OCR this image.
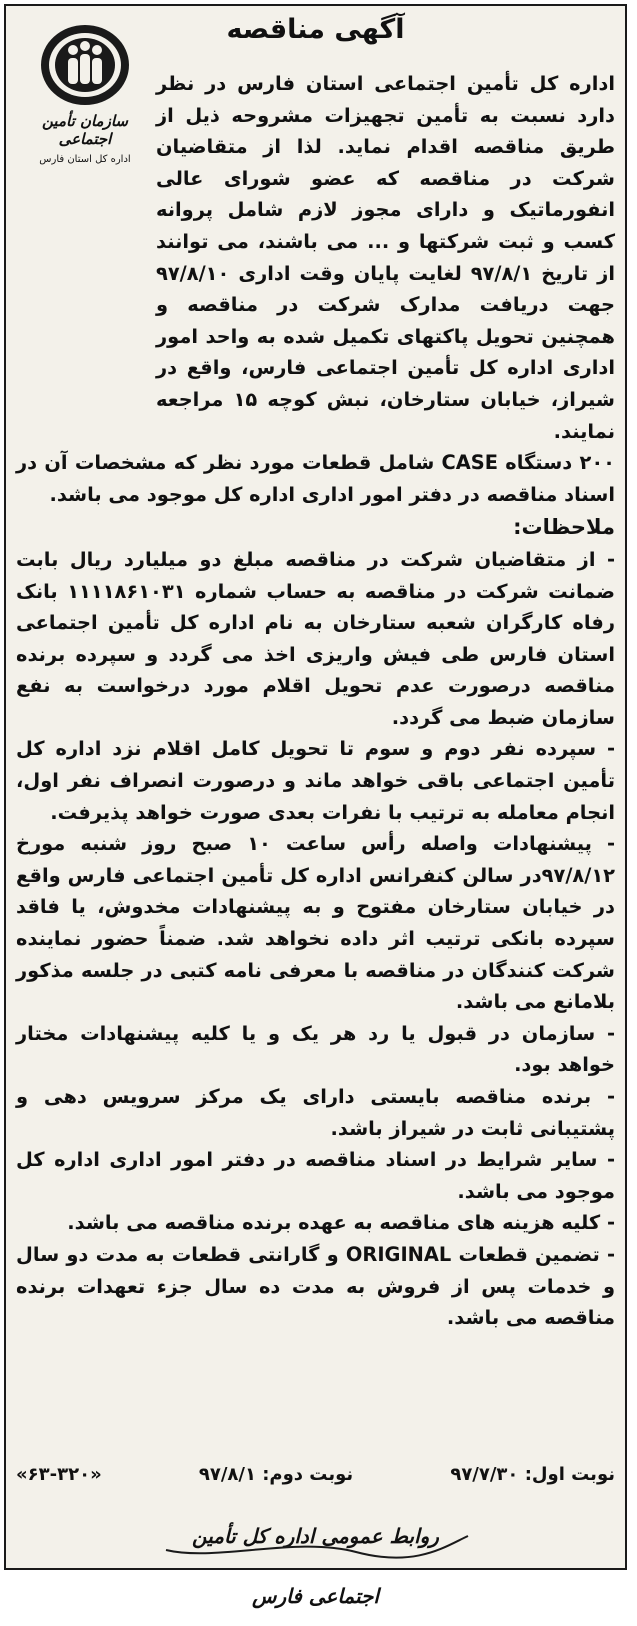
سازمان تأمین اجتماعی
اداره کل استان فارس
آگهی مناقصه

اداره کل تأمین اجتماعی استان فارس در نظر دارد نسبت به تأمین تجهیزات مشروحه ذیل از طریق مناقصه اقدام نماید. لذا از متقاضیان شرکت در مناقصه که عضو شورای عالی انفورماتیک و دارای مجوز لازم شامل پروانه کسب و ثبت شرکتها و ... می باشند، می توانند از تاریخ ۹۷/۸/۱ لغایت پایان وقت اداری ۹۷/۸/۱۰ جهت دریافت مدارک شرکت در مناقصه و همچنین تحویل پاکتهای تکمیل شده به واحد امور اداری اداره کل تأمین اجتماعی فارس، واقع در شیراز، خیابان ستارخان، نبش کوچه ۱۵ مراجعه نمایند.

۲۰۰ دستگاه CASE شامل قطعات مورد نظر که مشخصات آن در اسناد مناقصه در دفتر امور اداری اداره کل موجود می باشد.

ملاحظات:

- از متقاضیان شرکت در مناقصه مبلغ دو میلیارد ریال بابت ضمانت شرکت در مناقصه به حساب شماره ۱۱۱۱۸۶۱۰۳۱ بانک رفاه کارگران شعبه ستارخان به نام اداره کل تأمین اجتماعی استان فارس طی فیش واریزی اخذ می گردد و سپرده برنده مناقصه درصورت عدم تحویل اقلام مورد درخواست به نفع سازمان ضبط می گردد.

- سپرده نفر دوم و سوم تا تحویل کامل اقلام نزد اداره کل تأمین اجتماعی باقی خواهد ماند و درصورت انصراف نفر اول، انجام معامله به ترتیب با نفرات بعدی صورت خواهد پذیرفت.

- پیشنهادات واصله رأس ساعت ۱۰ صبح روز شنبه مورخ ۹۷/۸/۱۲در سالن کنفرانس اداره کل تأمین اجتماعی فارس واقع در خیابان ستارخان مفتوح و به پیشنهادات مخدوش، یا فاقد سپرده بانکی ترتیب اثر داده نخواهد شد. ضمناً حضور نماینده شرکت کنندگان در مناقصه با معرفی نامه کتبی در جلسه مذکور بلامانع می باشد.

- سازمان در قبول یا رد هر یک و یا کلیه پیشنهادات مختار خواهد بود.

- برنده مناقصه بایستی دارای یک مرکز سرویس دهی و پشتیبانی ثابت در شیراز باشد.

- سایر شرایط در اسناد مناقصه در دفتر امور اداری اداره کل موجود می باشد.

- کلیه هزینه های مناقصه به عهده برنده مناقصه می باشد.

- تضمین قطعات ORIGINAL و گارانتی قطعات به مدت دو سال و خدمات پس از فروش به مدت ده سال جزء تعهدات برنده مناقصه می باشد.

نوبت اول: ۹۷/۷/۳۰
نوبت دوم: ۹۷/۸/۱
«۶۳-۳۲۰»
روابط عمومی اداره کل تأمین اجتماعی فارس
